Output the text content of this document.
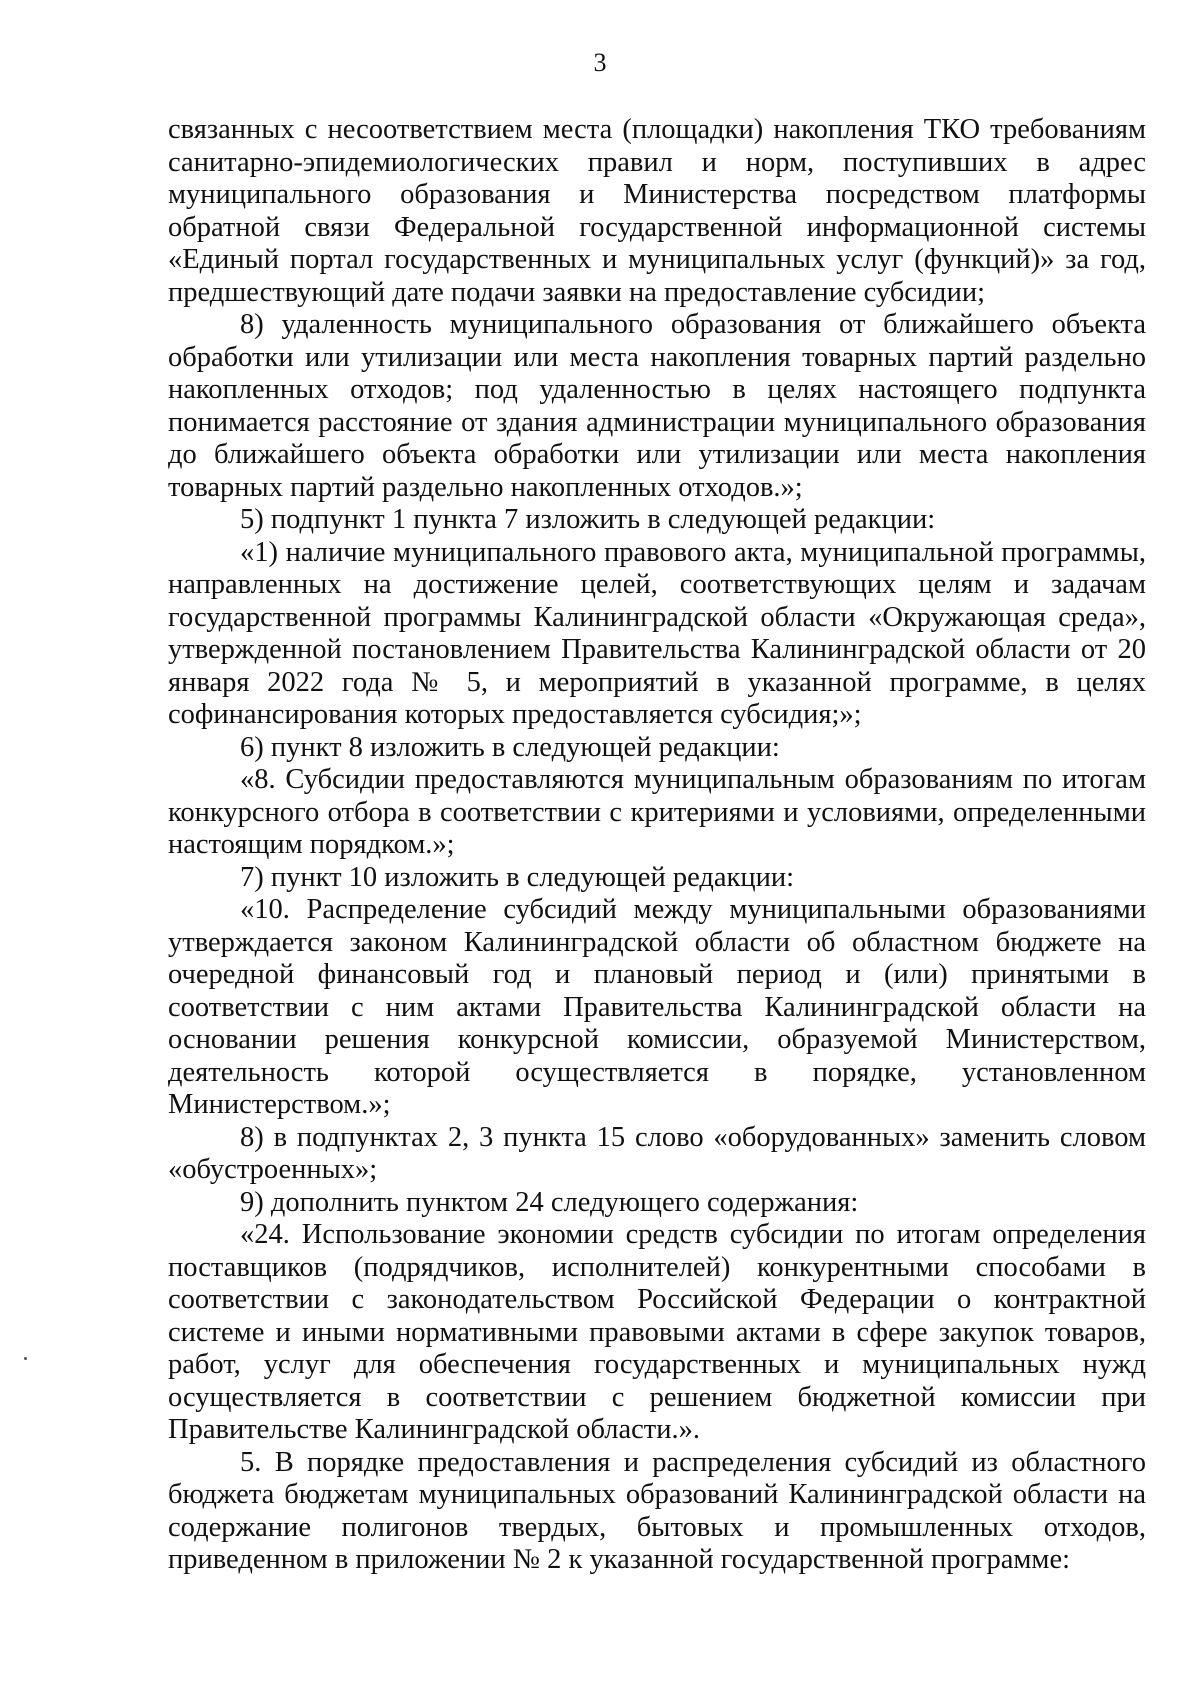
3

связанных с несоответствием места (площадки) накопления ТКО требованиям санитарно-эпидемиологических правил и норм, поступивших в адрес муниципального образования и Министерства посредством платформы обратной связи Федеральной государственной информационной системы «Единый портал государственных и муниципальных услуг (функций)» за год, предшествующий дате подачи заявки на предоставление субсидии;

8) удаленность муниципального образования от ближайшего объекта обработки или утилизации или места накопления товарных партий раздельно накопленных отходов; под удаленностью в целях настоящего подпункта понимается расстояние от здания администрации муниципального образования до ближайшего объекта обработки или утилизации или места накопления товарных партий раздельно накопленных отходов.»;

5) подпункт 1 пункта 7 изложить в следующей редакции:

«1) наличие муниципального правового акта, муниципальной программы, направленных на достижение целей, соответствующих целям и задачам государственной программы Калининградской области «Окружающая среда», утвержденной постановлением Правительства Калининградской области от 20 января 2022 года № 5, и мероприятий в указанной программе, в целях софинансирования которых предоставляется субсидия;»;

6) пункт 8 изложить в следующей редакции:

«8. Субсидии предоставляются муниципальным образованиям по итогам конкурсного отбора в соответствии с критериями и условиями, определенными настоящим порядком.»;

7) пункт 10 изложить в следующей редакции:

«10. Распределение субсидий между муниципальными образованиями утверждается законом Калининградской области об областном бюджете на очередной финансовый год и плановый период и (или) принятыми в соответствии с ним актами Правительства Калининградской области на основании решения конкурсной комиссии, образуемой Министерством, деятельность которой осуществляется в порядке, установленном Министерством.»;

8) в подпунктах 2, 3 пункта 15 слово «оборудованных» заменить словом «обустроенных»;

9) дополнить пунктом 24 следующего содержания:

«24. Использование экономии средств субсидии по итогам определения поставщиков (подрядчиков, исполнителей) конкурентными способами в соответствии с законодательством Российской Федерации о контрактной системе и иными нормативными правовыми актами в сфере закупок товаров, работ, услуг для обеспечения государственных и муниципальных нужд осуществляется в соответствии с решением бюджетной комиссии при Правительстве Калининградской области.».

5. В порядке предоставления и распределения субсидий из областного бюджета бюджетам муниципальных образований Калининградской области на содержание полигонов твердых, бытовых и промышленных отходов, приведенном в приложении № 2 к указанной государственной программе:
